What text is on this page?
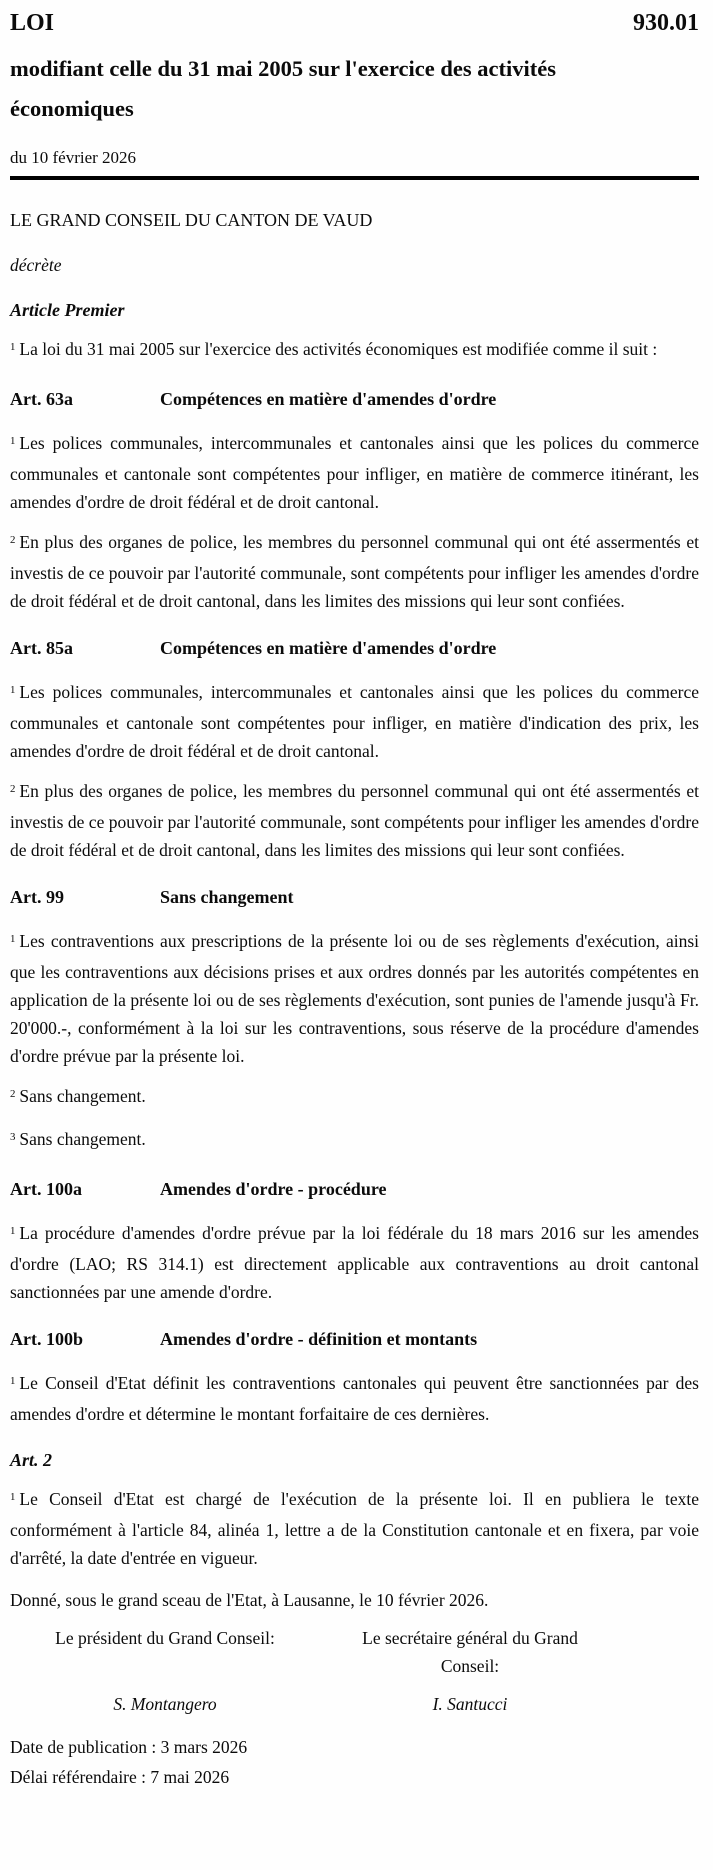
LOI	930.01
modifiant celle du 31 mai 2005 sur l'exercice des activités économiques
du 10 février 2026
LE GRAND CONSEIL DU CANTON DE VAUD
décrète
Article Premier

$^1$ La loi du 31 mai 2005 sur l'exercice des activités économiques est modifiée comme il suit :

Art. 63a	Compétences en matière d'amendes d'ordre

$^1$ Les polices communales, intercommunales et cantonales ainsi que les polices du commerce communales et cantonale sont compétentes pour infliger, en matière de commerce itinérant, les amendes d'ordre de droit fédéral et de droit cantonal.

$^2$ En plus des organes de police, les membres du personnel communal qui ont été assermentés et investis de ce pouvoir par l'autorité communale, sont compétents pour infliger les amendes d'ordre de droit fédéral et de droit cantonal, dans les limites des missions qui leur sont confiées.

Art. 85a	Compétences en matière d'amendes d'ordre

$^1$ Les polices communales, intercommunales et cantonales ainsi que les polices du commerce communales et cantonale sont compétentes pour infliger, en matière d'indication des prix, les amendes d'ordre de droit fédéral et de droit cantonal.

$^2$ En plus des organes de police, les membres du personnel communal qui ont été assermentés et investis de ce pouvoir par l'autorité communale, sont compétents pour infliger les amendes d'ordre de droit fédéral et de droit cantonal, dans les limites des missions qui leur sont confiées.

Art. 99	Sans changement

$^1$ Les contraventions aux prescriptions de la présente loi ou de ses règlements d'exécution, ainsi que les contraventions aux décisions prises et aux ordres donnés par les autorités compétentes en application de la présente loi ou de ses règlements d'exécution, sont punies de l'amende jusqu'à Fr. 20'000.-, conformément à la loi sur les contraventions, sous réserve de la procédure d'amendes d'ordre prévue par la présente loi.

$^2$ Sans changement.

$^3$ Sans changement.

Art. 100a	Amendes d'ordre - procédure

$^1$ La procédure d'amendes d'ordre prévue par la loi fédérale du 18 mars 2016 sur les amendes d'ordre (LAO; RS 314.1) est directement applicable aux contraventions au droit cantonal sanctionnées par une amende d'ordre.

Art. 100b	Amendes d'ordre - définition et montants

$^1$ Le Conseil d'Etat définit les contraventions cantonales qui peuvent être sanctionnées par des amendes d'ordre et détermine le montant forfaitaire de ces dernières.

Art. 2

$^1$ Le Conseil d'Etat est chargé de l'exécution de la présente loi. Il en publiera le texte conformément à l'article 84, alinéa 1, lettre a de la Constitution cantonale et en fixera, par voie d'arrêté, la date d'entrée en vigueur.

Donné, sous le grand sceau de l'Etat, à Lausanne, le 10 février 2026.

Le président du Grand Conseil:	Le secrétaire général du Grand Conseil:
S. Montangero	I. Santucci
Date de publication : 3 mars 2026
Délai référendaire : 7 mai 2026
